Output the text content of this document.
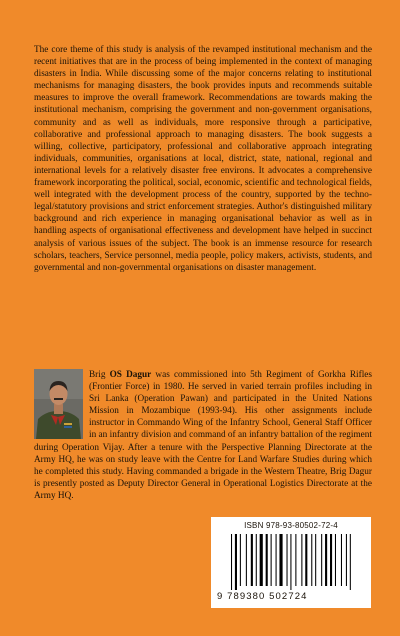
The core theme of this study is analysis of the revamped institutional mechanism and the recent initiatives that are in the process of being implemented in the context of managing disasters in India. While discussing some of the major concerns relating to institutional mechanisms for managing disasters, the book provides inputs and recommends suitable measures to improve the overall framework. Recommendations are towards making the institutional mechanism, comprising the government and non-government organisations, community and as well as individuals, more responsive through a participative, collaborative and professional approach to managing disasters. The book suggests a willing, collective, participatory, professional and collaborative approach integrating individuals, communities, organisations at local, district, state, national, regional and international levels for a relatively disaster free environs. It advocates a comprehensive framework incorporating the political, social, economic, scientific and technological fields, well integrated with the development process of the country, supported by the techno-legal/statutory provisions and strict enforcement strategies. Author's distinguished military background and rich experience in managing organisational behavior as well as in handling aspects of organisational effectiveness and development have helped in succinct analysis of various issues of the subject. The book is an immense resource for research scholars, teachers, Service personnel, media people, policy makers, activists, students, and governmental and non-governmental organisations on disaster management.

Brig OS Dagur was commissioned into 5th Regiment of Gorkha Rifles (Frontier Force) in 1980. He served in varied terrain profiles including in Sri Lanka (Operation Pawan) and participated in the United Nations Mission in Mozambique (1993-94). His other assignments include instructor in Commando Wing of the Infantry School, General Staff Officer in an infantry division and command of an infantry battalion of the regiment during Operation Vijay. After a tenure with the Perspective Planning Directorate at the Army HQ, he was on study leave with the Centre for Land Warfare Studies during which he completed this study. Having commanded a brigade in the Western Theatre, Brig Dagur is presently posted as Deputy Director General in Operational Logistics Directorate at the Army HQ.

ISBN 978-93-80502-72-4
9 789380 502724
